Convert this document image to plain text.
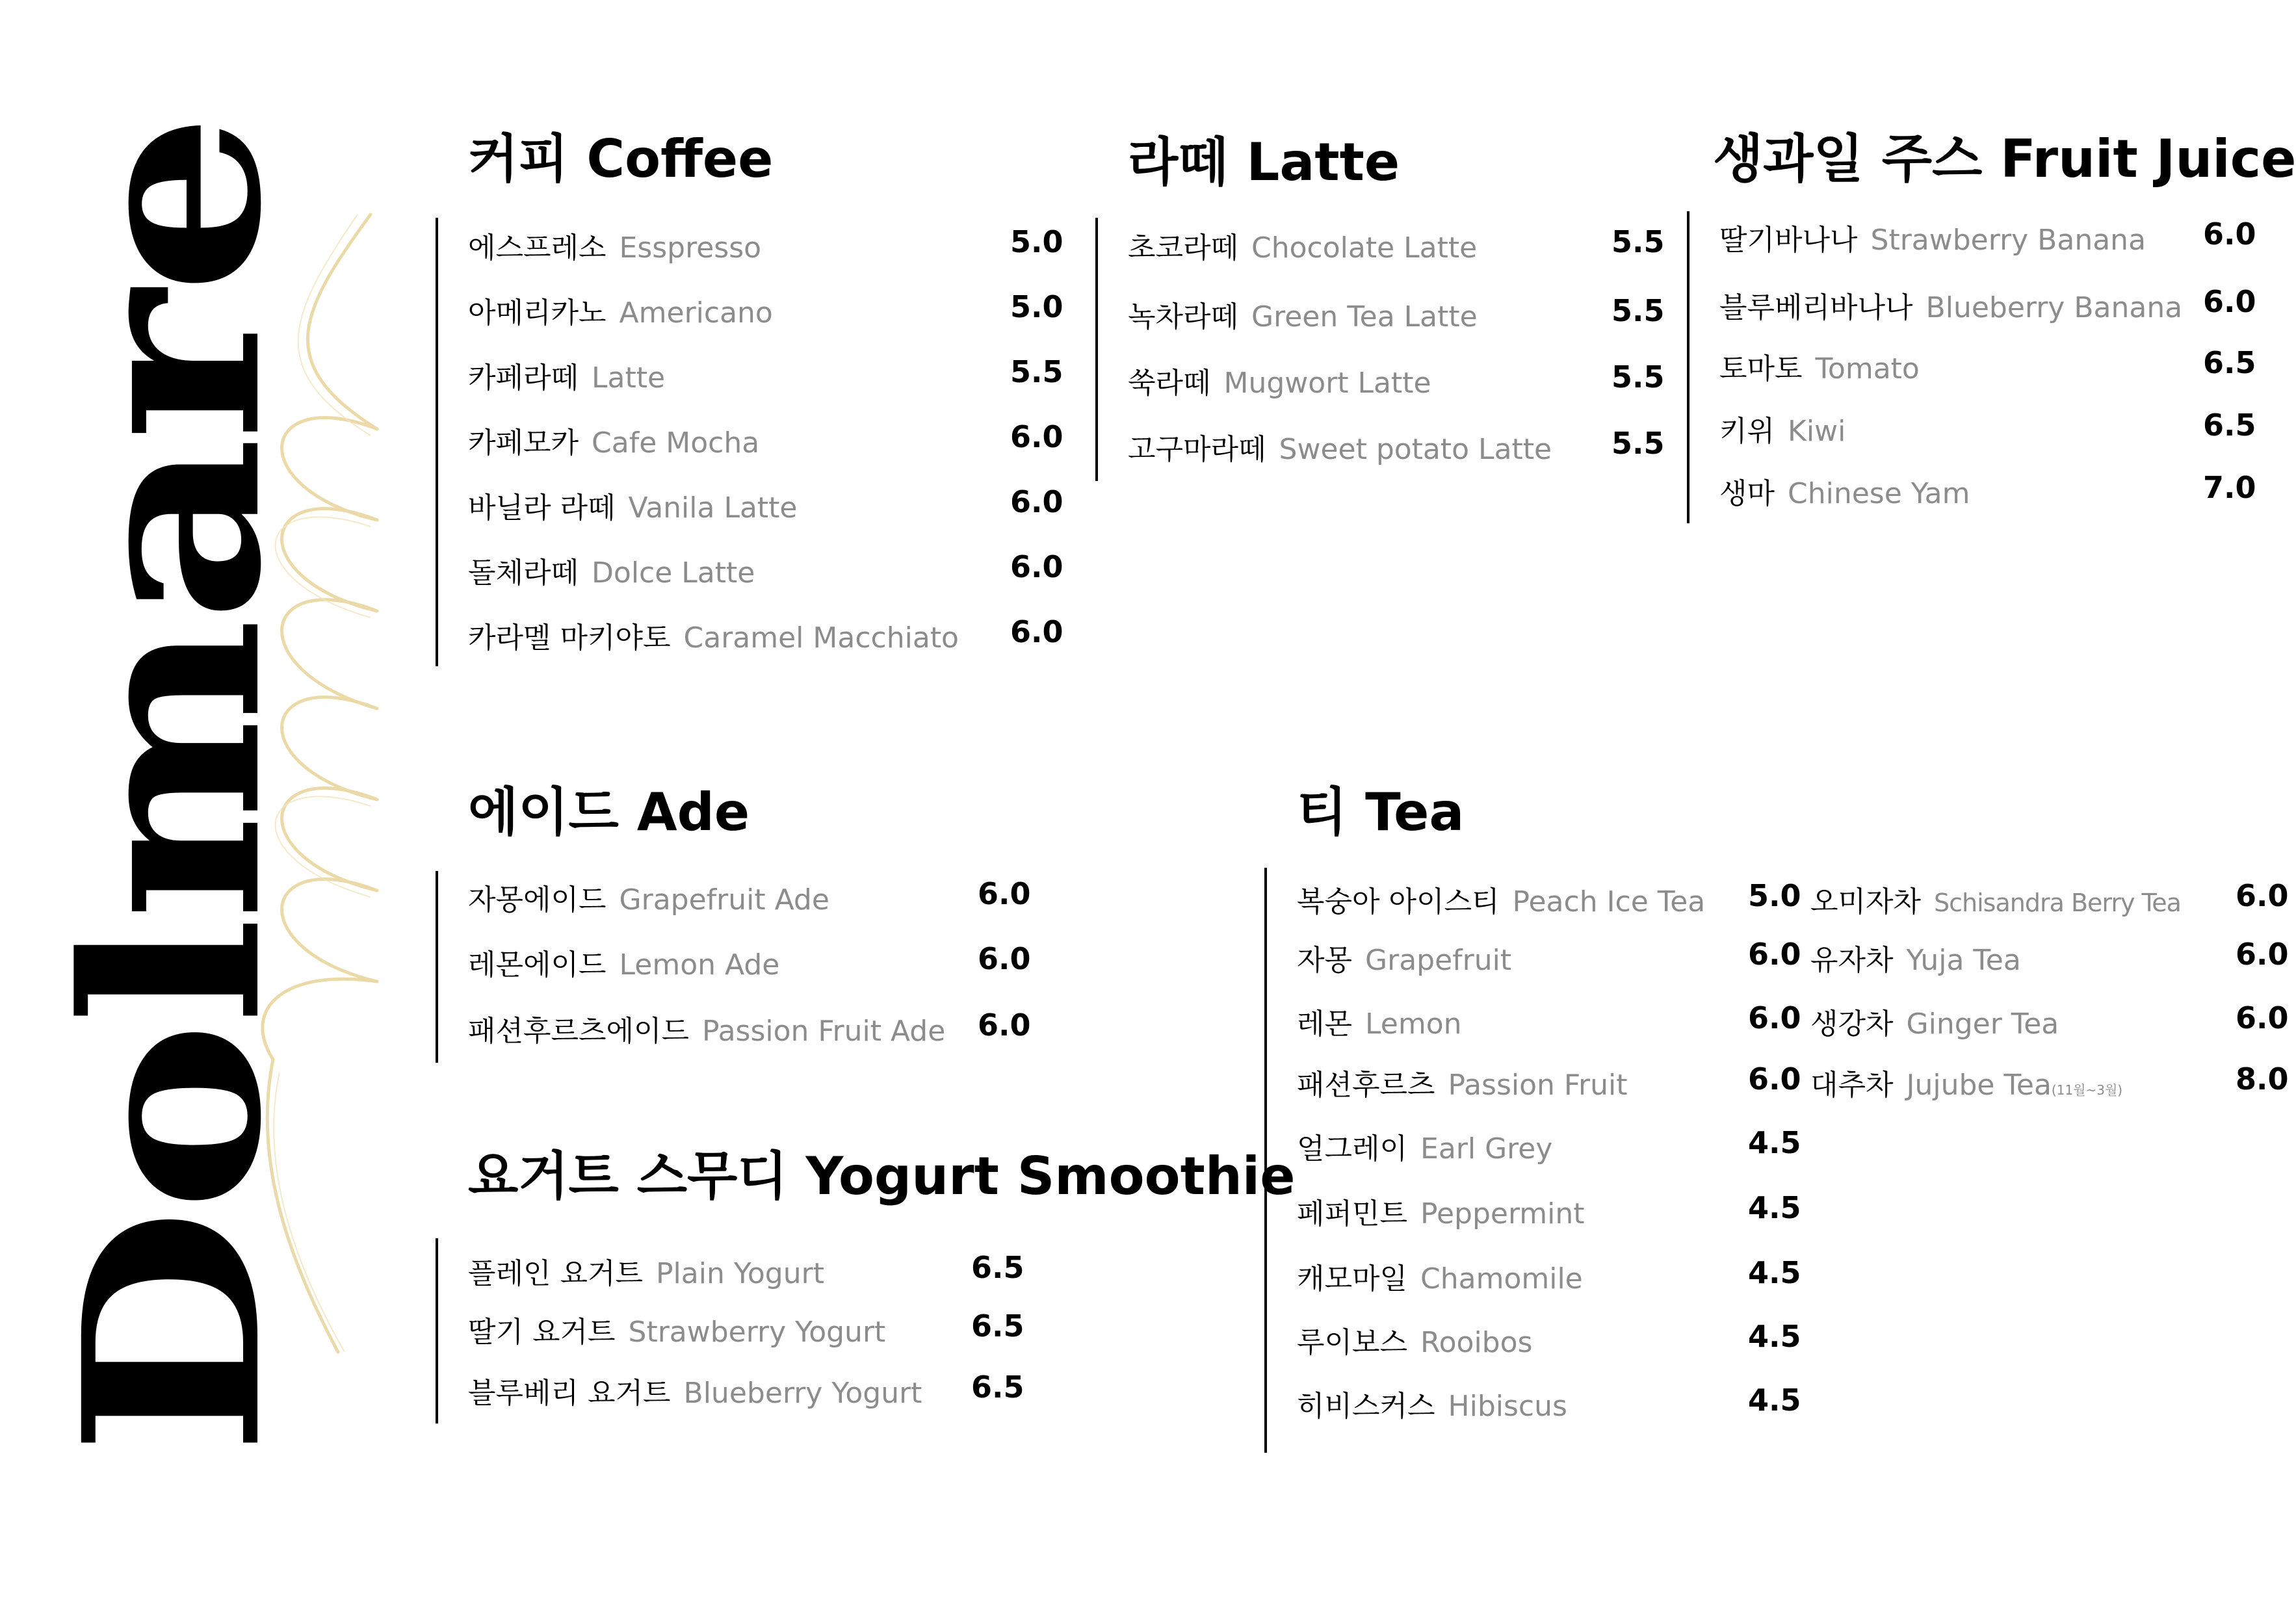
Dolmare
커피 Coffee
에스프레소 Esspresso	5.0
아메리카노 Americano	5.0
카페라떼 Latte	5.5
카페모카 Cafe Mocha	6.0
바닐라 라떼 Vanila Latte	6.0
돌체라떼 Dolce Latte	6.0
카라멜 마키야토 Caramel Macchiato 6.0
라떼 Latte
초코라떼 Chocolate Latte	5.5
녹차라떼 Green Tea Latte	5.5
쑥라떼 Mugwort Latte	5.5
고구마라떼 Sweet potato Latte 5.5
생과일 주스 Fruit Juice
딸기바나나 Strawberry Banana 6.0
블루베리바나나 Blueberry Banana 6.0
토마토 Tomato	6.5
키위 Kiwi	6.5
생마 Chinese Yam	7.0
에이드 Ade
자몽에이드 Grapefruit Ade	6.0
레몬에이드 Lemon Ade	6.0
패션후르츠에이드 Passion Fruit Ade 6.0
요거트 스무디 Yogurt Smoothie
플레인 요거트 Plain Yogurt	6.5
딸기 요거트 Strawberry Yogurt	6.5
블루베리 요거트 Blueberry Yogurt 6.5
티 Tea
복숭아 아이스티 Peach Ice Tea 5.0
자몽 Grapefruit	6.0
레몬 Lemon	6.0
패션후르츠 Passion Fruit	6.0
얼그레이 Earl Grey	4.5
페퍼민트 Peppermint	4.5
캐모마일 Chamomile	4.5
루이보스 Rooibos	4.5
히비스커스 Hibiscus	4.5
오미자차 Schisandra Berry Tea 6.0
유자차 Yuja Tea	6.0
생강차 Ginger Tea	6.0
대추차 Jujube Tea(11월~3월)	8.0
